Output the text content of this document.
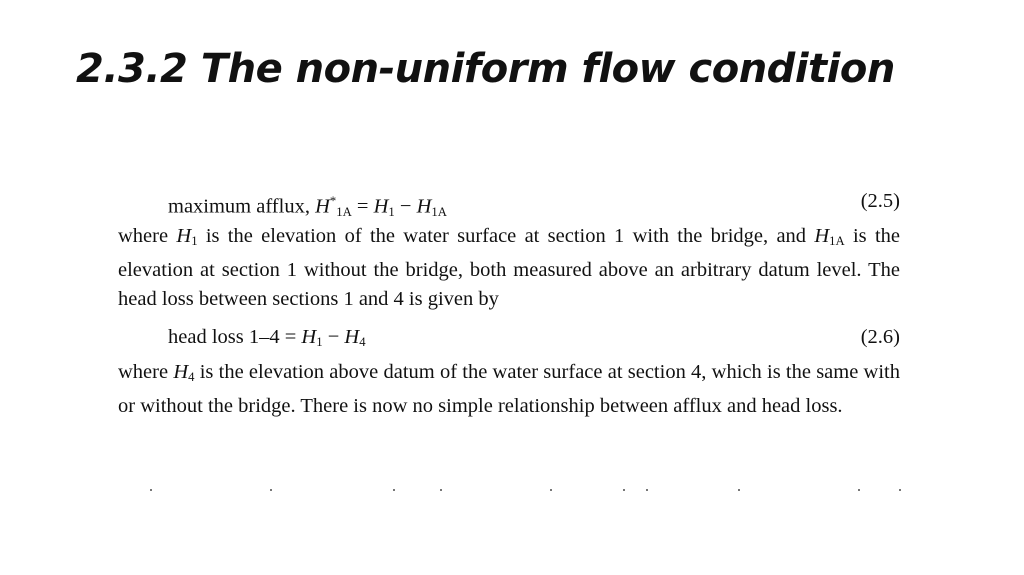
2.3.2 The non-uniform flow condition
maximum afflux, $H^*_{1A} = H_1 - H_{1A}$	(2.5)

where $H_1$ is the elevation of the water surface at section 1 with the bridge, and $H_{1A}$ is the elevation at section 1 without the bridge, both measured above an arbitrary datum level. The head loss between sections 1 and 4 is given by

head loss $1-4 = H_1 - H_4$	(2.6)

where $H_4$ is the elevation above datum of the water surface at section 4, which is the same with or without the bridge. There is now no simple relationship between afflux and head loss.
